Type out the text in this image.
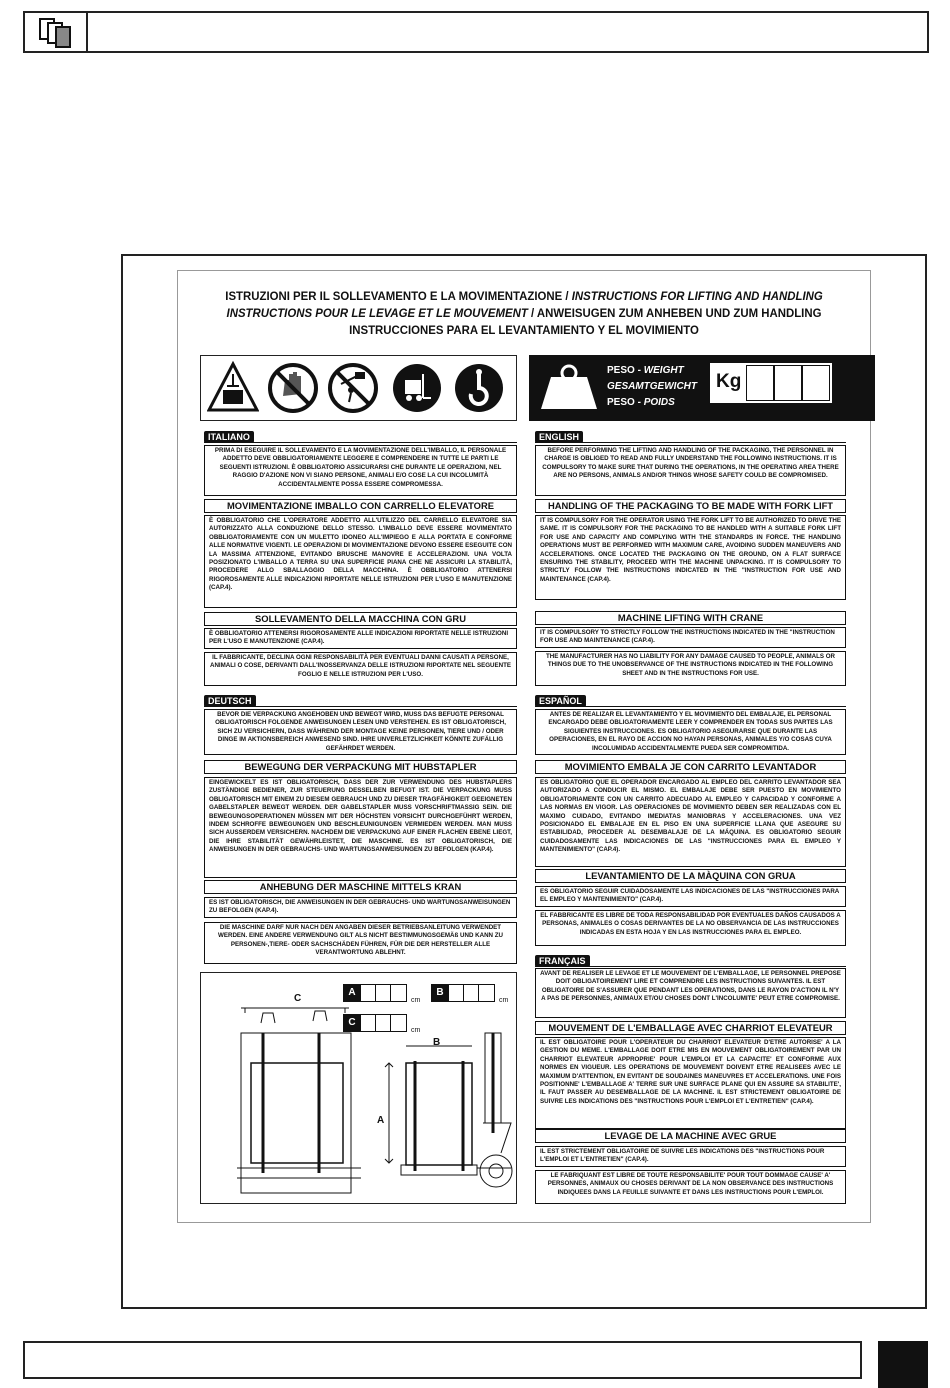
ISTRUZIONI PER IL SOLLEVAMENTO E LA MOVIMENTAZIONE / INSTRUCTIONS FOR LIFTING AND HANDLING
INSTRUCTIONS POUR LE LEVAGE ET LE MOUVEMENT / ANWEISUGEN ZUM ANHEBEN UND ZUM HANDLING
INSTRUCCIONES PARA EL LEVANTAMIENTO Y EL MOVIMIENTO
PESO - WEIGHT
GESAMTGEWICHT
PESO - POIDS
Kg
ITALIANO
PRIMA DI ESEGUIRE IL SOLLEVAMENTO E LA MOVIMENTAZIONE DELL'IMBALLO, IL PERSONALE ADDETTO DEVE OBBLIGATORIAMENTE LEGGERE E COMPRENDERE IN TUTTE LE PARTI LE SEGUENTI ISTRUZIONI. È OBBLIGATORIO ASSICURARSI CHE DURANTE LE OPERAZIONI, NEL RAGGIO D'AZIONE NON VI SIANO PERSONE, ANIMALI E/O COSE LA CUI INCOLUMITÀ ACCIDENTALMENTE POSSA ESSERE COMPROMESSA.
MOVIMENTAZIONE IMBALLO CON CARRELLO ELEVATORE
È OBBLIGATORIO CHE L'OPERATORE ADDETTO ALL'UTILIZZO DEL CARRELLO ELEVATORE SIA AUTORIZZATO ALLA CONDUZIONE DELLO STESSO. L'IMBALLO DEVE ESSERE MOVIMENTATO OBBLIGATORIAMENTE CON UN MULETTO IDONEO ALL'IMPIEGO E ALLA PORTATA E CONFORME ALLE NORMATIVE VIGENTI. LE OPERAZIONI DI MOVIMENTAZIONE DEVONO ESSERE ESEGUITE CON LA MASSIMA ATTENZIONE, EVITANDO BRUSCHE MANOVRE E ACCELERAZIONI. UNA VOLTA POSIZIONATO L'IMBALLO A TERRA SU UNA SUPERFICIE PIANA CHE NE ASSICURI LA STABILITÀ, PROCEDERE ALLO SBALLAGGIO DELLA MACCHINA. È OBBLIGATORIO ATTENERSI RIGOROSAMENTE ALLE INDICAZIONI RIPORTATE NELLE ISTRUZIONI PER L'USO E MANUTENZIONE (CAP.4).
SOLLEVAMENTO DELLA MACCHINA CON GRU
È OBBLIGATORIO ATTENERSI RIGOROSAMENTE ALLE INDICAZIONI RIPORTATE NELLE ISTRUZIONI PER L'USO E MANUTENZIONE (CAP.4).
IL FABBRICANTE, DECLINA OGNI RESPONSABILITÀ PER EVENTUALI DANNI CAUSATI A PERSONE, ANIMALI O COSE, DERIVANTI DALL'INOSSERVANZA DELLE ISTRUZIONI RIPORTATE NEL SEGUENTE FOGLIO E NELLE ISTRUZIONI PER L'USO.
ENGLISH
BEFORE PERFORMING THE LIFTING AND HANDLING OF THE PACKAGING, THE PERSONNEL IN CHARGE IS OBLIGED TO READ AND FULLY UNDERSTAND THE FOLLOWING INSTRUCTIONS. IT IS COMPULSORY TO MAKE SURE THAT DURING THE OPERATIONS, IN THE OPERATING AREA THERE ARE NO PERSONS, ANIMALS AND/OR THINGS WHOSE SAFETY COULD BE COMPROMISED.
HANDLING OF THE PACKAGING TO BE MADE WITH FORK LIFT
IT IS COMPULSORY FOR THE OPERATOR USING THE FORK LIFT TO BE AUTHORIZED TO DRIVE THE SAME. IT IS COMPULSORY FOR THE PACKAGING TO BE HANDLED WITH A SUITABLE FORK LIFT FOR USE AND CAPACITY AND COMPLYING WITH THE STANDARDS IN FORCE. THE HANDLING OPERATIONS MUST BE PERFORMED WITH MAXIMUM CARE, AVOIDING SUDDEN MANEUVERS AND ACCELERATIONS. ONCE LOCATED THE PACKAGING ON THE GROUND, ON A FLAT SURFACE ENSURING THE STABILITY, PROCEED WITH THE MACHINE UNPACKING. IT IS COMPULSORY TO STRICTLY FOLLOW THE INSTRUCTIONS INDICATED IN THE "INSTRUCTION FOR USE AND MAINTENANCE (CAP.4).
MACHINE LIFTING WITH CRANE
IT IS COMPULSORY TO STRICTLY FOLLOW THE INSTRUCTIONS INDICATED IN THE "INSTRUCTION FOR USE AND MAINTENANCE (CAP.4).
THE MANUFACTURER HAS NO LIABILITY FOR ANY DAMAGE CAUSED TO PEOPLE, ANIMALS OR THINGS DUE TO THE UNOBSERVANCE OF THE INSTRUCTIONS INDICATED IN THE FOLLOWING SHEET AND IN THE INSTRUCTIONS FOR USE.
DEUTSCH
BEVOR DIE VERPACKUNG ANGEHOBEN UND BEWEGT WIRD, MUSS DAS BEFUGTE PERSONAL OBLIGATORISCH FOLGENDE ANWEISUNGEN LESEN UND VERSTEHEN. ES IST OBLIGATORISCH, SICH ZU VERSICHERN, DASS WÄHREND DER MONTAGE KEINE PERSONEN, TIERE UND / ODER DINGE IM AKTIONSBEREICH ANWESEND SIND. IHRE UNVERLETZLICHKEIT KÖNNTE ZUFÄLLIG GEFÄHRDET WERDEN.
BEWEGUNG DER VERPACKUNG MIT HUBSTAPLER
EINGEWICKELT ES IST OBLIGATORISCH, DASS DER ZUR VERWENDUNG DES HUBSTAPLERS ZUSTÄNDIGE BEDIENER, ZUR STEUERUNG DESSELBEN BEFUGT IST. DIE VERPACKUNG MUSS OBLIGATORISCH MIT EINEM ZU DIESEM GEBRAUCH UND ZU DIESER TRAGFÄHIGKEIT GEEIGNETEN GABELSTAPLER BEWEGT WERDEN. DER GABELSTAPLER MUSS VORSCHRIFTMASSIG SEIN. DIE BEWEGUNGSOPERATIONEN MÜSSEN MIT DER HÖCHSTEN VORSICHT DURCHGEFÜHRT WERDEN, INDEM SCHROFFE BEWEGUNGEN UND BESCHLEUNIGUNGEN VERMIEDEN WERDEN. MAN MUSS SICH AUSSERDEM VERSICHERN. NACHDEM DIE VERPACKUNG AUF EINER FLACHEN EBENE LIEGT, DIE IHRE STABILITÄT GEWÄHRLEISTET, DIE MASCHINE. ES IST OBLIGATORISCH, DIE ANWEISUNGEN IN DER GEBRAUCHS- UND WARTUNGSANWEISUNGEN ZU BEFOLGEN (KAP.4).
ANHEBUNG DER MASCHINE MITTELS KRAN
ES IST OBLIGATORISCH, DIE ANWEISUNGEN IN DER GEBRAUCHS- UND WARTUNGSANWEISUNGEN ZU BEFOLGEN (KAP.4).
DIE MASCHINE DARF NUR NACH DEN ANGABEN DIESER BETRIEBSANLEITUNG VERWENDET WERDEN. EINE ANDERE VERWENDUNG GILT ALS NICHT BESTIMMUNGSGEMÄß UND KANN ZU PERSONEN-,TIERE- ODER SACHSCHÄDEN FÜHREN, FÜR DIE DER HERSTELLER ALLE VERANTWORTUNG ABLEHNT.
ESPAÑOL
ANTES DE REALIZAR EL LEVANTAMIENTO Y EL MOVIMIENTO DEL EMBALAJE, EL PERSONAL ENCARGADO DEBE OBLIGATORIAMENTE LEER Y COMPRENDER EN TODAS SUS PARTES LAS SIGUIENTES INSTRUCCIONES. ES OBLIGATORIO ASEGURARSE QUE DURANTE LAS OPERACIONES, EN EL RAYO DE ACCION NO HAYAN PERSONAS, ANIMALES Y/O COSAS CUYA INCOLUMIDAD ACCIDENTALMENTE PUEDA SER COMPROMITIDA.
MOVIMIENTO EMBALA JE CON CARRITO LEVANTADOR
ES OBLIGATORIO QUE EL OPERADOR ENCARGADO AL EMPLEO DEL CARRITO LEVANTADOR SEA AUTORIZADO A CONDUCIR EL MISMO. EL EMBALAJE DEBE SER PUESTO EN MOVIMIENTO OBLIGATORIAMENTE CON UN CARRITO ADECUADO AL EMPLEO Y CAPACIDAD Y CONFORME A LAS NORMAS EN VIGOR. LAS OPERACIONES DE MOVIMIENTO DEBEN SER REALIZADAS CON EL MAXIMO CUIDADO, EVITANDO IMEDIATAS MANIOBRAS Y ACCELERACIONES. UNA VEZ POSICIONADO EL EMBALAJE EN EL PISO EN UNA SUPERFICIE LLANA QUE ASEGURE SU ESTABILIDAD, PROCEDER AL DESEMBALAJE DE LA MÁQUINA. ES OBLIGATORIO SEGUIR CUIDADOSAMENTE LAS INDICACIONES DE LAS "INSTRUCCIONES PARA EL EMPLEO Y MANTENIMIENTO" (CAP.4).
LEVANTAMIENTO DE LA MÀQUINA CON GRUA
ES OBLIGATORIO SEGUIR CUIDADOSAMENTE LAS INDICACIONES DE LAS "INSTRUCCIONES PARA EL EMPLEO Y MANTENIMIENTO" (CAP.4).
EL FABBRICANTE ES LIBRE DE TODA RESPONSABILIDAD POR EVENTUALES DAÑOS CAUSADOS A PERSONAS, ANIMALES O COSAS DERIVANTES DE LA NO OBSERVANCIA DE LAS INSTRUCCIONES INDICADAS EN ESTA HOJA Y EN LAS INSTRUCCIONES PARA EL EMPLEO.
FRANÇAIS
AVANT DE REALISER LE LEVAGE ET LE MOUVEMENT DE L'EMBALLAGE, LE PERSONNEL PREPOSE DOIT OBLIGATOIREMENT LIRE ET COMPRENDRE LES INSTRUCTIONS SUIVANTES. IL EST OBLIGATOIRE DE S'ASSURER QUE PENDANT LES OPERATIONS, DANS LE RAYON D'ACTION IL N'Y A PAS DE PERSONNES, ANIMAUX ET/OU CHOSES DONT L'INCOLUMITE' PEUT ETRE COMPROMISE.
MOUVEMENT DE L'EMBALLAGE AVEC CHARRIOT ELEVATEUR
IL EST OBLIGATOIRE POUR L'OPERATEUR DU CHARRIOT ELEVATEUR D'ETRE AUTORISE' A LA GESTION DU MEME. L'EMBALLAGE DOIT ETRE MIS EN MOUVEMENT OBLIGATOIREMENT PAR UN CHARRIOT ELEVATEUR APPROPRIE' POUR L'EMPLOI ET LA CAPACITE' ET CONFORME AUX NORMES EN VIGUEUR. LES OPERATIONS DE MOUVEMENT DOIVENT ETRE REALISEES AVEC LE MAXIMUM D'ATTENTION, EN EVITANT DE SOUDAINES MANEUVRES ET ACCELERATIONS. UNE FOIS POSITIONNE' L'EMBALLAGE A' TERRE SUR UNE SURFACE PLANE QUI EN ASSURE SA STABILITE', IL FAUT PASSER AU DESEMBALLAGE DE LA MACHINE. IL EST STRICTEMENT OBLIGATOIRE DE SUIVRE LES INDICATIONS DES "INSTRUCTIONS POUR L'EMPLOI ET L'ENTRETIEN" (CAP.4).
LEVAGE DE LA MACHINE AVEC GRUE
IL EST STRICTEMENT OBLIGATOIRE DE SUIVRE LES INDICATIONS DES "INSTRUCTIONS POUR L'EMPLOI ET L'ENTRETIEN" (CAP.4).
LE FABRIQUANT EST LIBRE DE TOUTE RESPONSABILITE' POUR TOUT DOMMAGE CAUSE' A' PERSONNES, ANIMAUX OU CHOSES DERIVANT DE LA NON OBSERVANCE DES INSTRUCTIONS INDIQUEES DANS LA FEUILLE SUIVANTE ET DANS LES INSTRUCTIONS POUR L'EMPLOI.
A
cm
B
cm
C
cm
C
B
A
